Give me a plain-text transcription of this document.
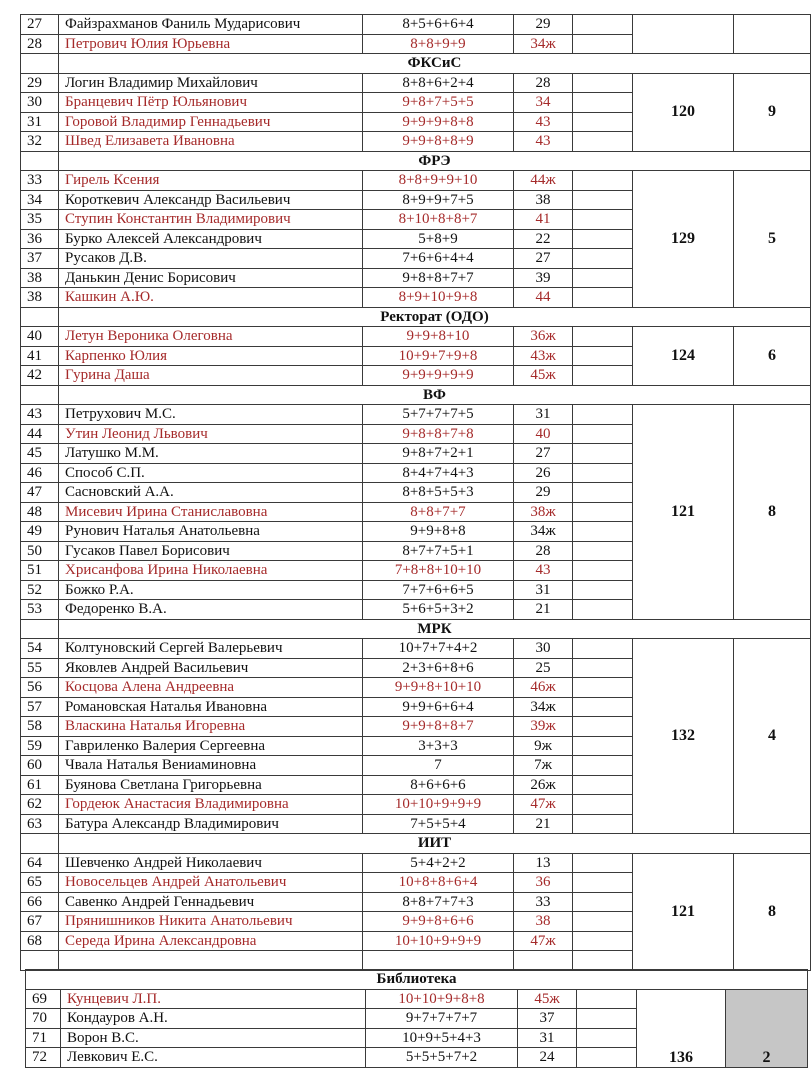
27	Файзрахманов Фаниль Мударисович	8+5+6+6+4	29			
28	Петрович Юлия Юрьевна	8+8+9+9	34ж			
	ФКСиС					
29	Логин Владимир Михайлович	8+8+6+2+4	28		120	9
30	Бранцевич Пётр Юльянович	9+8+7+5+5	34			
31	Горовой Владимир Геннадьевич	9+9+9+8+8	43			
32	Швед Елизавета Ивановна	9+9+8+8+9	43			
	ФРЭ					
33	Гирель Ксения	8+8+9+9+10	44ж		129	5
34	Короткевич Александр Васильевич	8+9+9+7+5	38			
35	Ступин Константин Владимирович	8+10+8+8+7	41			
36	Бурко Алексей Александрович	5+8+9	22			
37	Русаков Д.В.	7+6+6+4+4	27			
38	Данькин Денис Борисович	9+8+8+7+7	39			
38	Кашкин А.Ю.	8+9+10+9+8	44			
	Ректорат (ОДО)					
40	Летун Вероника Олеговна	9+9+8+10	36ж		124	6
41	Карпенко Юлия	10+9+7+9+8	43ж			
42	Гурина Даша	9+9+9+9+9	45ж			
	ВФ					
43	Петрухович М.С.	5+7+7+7+5	31		121	8
44	Утин Леонид Львович	9+8+8+7+8	40			
45	Латушко М.М.	9+8+7+2+1	27			
46	Способ С.П.	8+4+7+4+3	26			
47	Сасновский А.А.	8+8+5+5+3	29			
48	Мисевич Ирина Станиславовна	8+8+7+7	38ж			
49	Рунович Наталья Анатольевна	9+9+8+8	34ж			
50	Гусаков Павел Борисович	8+7+7+5+1	28			
51	Хрисанфова Ирина Николаевна	7+8+8+10+10	43			
52	Божко Р.А.	7+7+6+6+5	31			
53	Федоренко В.А.	5+6+5+3+2	21			
	МРК					
54	Колтуновский Сергей Валерьевич	10+7+7+4+2	30		132	4
55	Яковлев Андрей Васильевич	2+3+6+8+6	25			
56	Косцова Алена Андреевна	9+9+8+10+10	46ж			
57	Романовская Наталья Ивановна	9+9+6+6+4	34ж			
58	Власкина Наталья Игоревна	9+9+8+8+7	39ж			
59	Гавриленко Валерия Сергеевна	3+3+3	9ж			
60	Чвала Наталья Вениаминовна	7	7ж			
61	Буянова Светлана Григорьевна	8+6+6+6	26ж			
62	Гордеюк Анастасия Владимировна	10+10+9+9+9	47ж			
63	Батура Александр Владимирович	7+5+5+4	21			
	ИИТ					
64	Шевченко Андрей Николаевич	5+4+2+2	13		121	8
65	Новосельцев Андрей Анатольевич	10+8+8+6+4	36			
66	Савенко Андрей Геннадьевич	8+8+7+7+3	33			
67	Прянишников Никита Анатольевич	9+9+8+6+6	38			
68	Середа Ирина Александровна	10+10+9+9+9	47ж			

Библиотека						
69	Кунцевич Л.П.	10+10+9+8+8	45ж		136	2
70	Кондауров А.Н.	9+7+7+7+7	37			
71	Ворон В.С.	10+9+5+4+3	31			
72	Левкович Е.С.	5+5+5+7+2	24			
